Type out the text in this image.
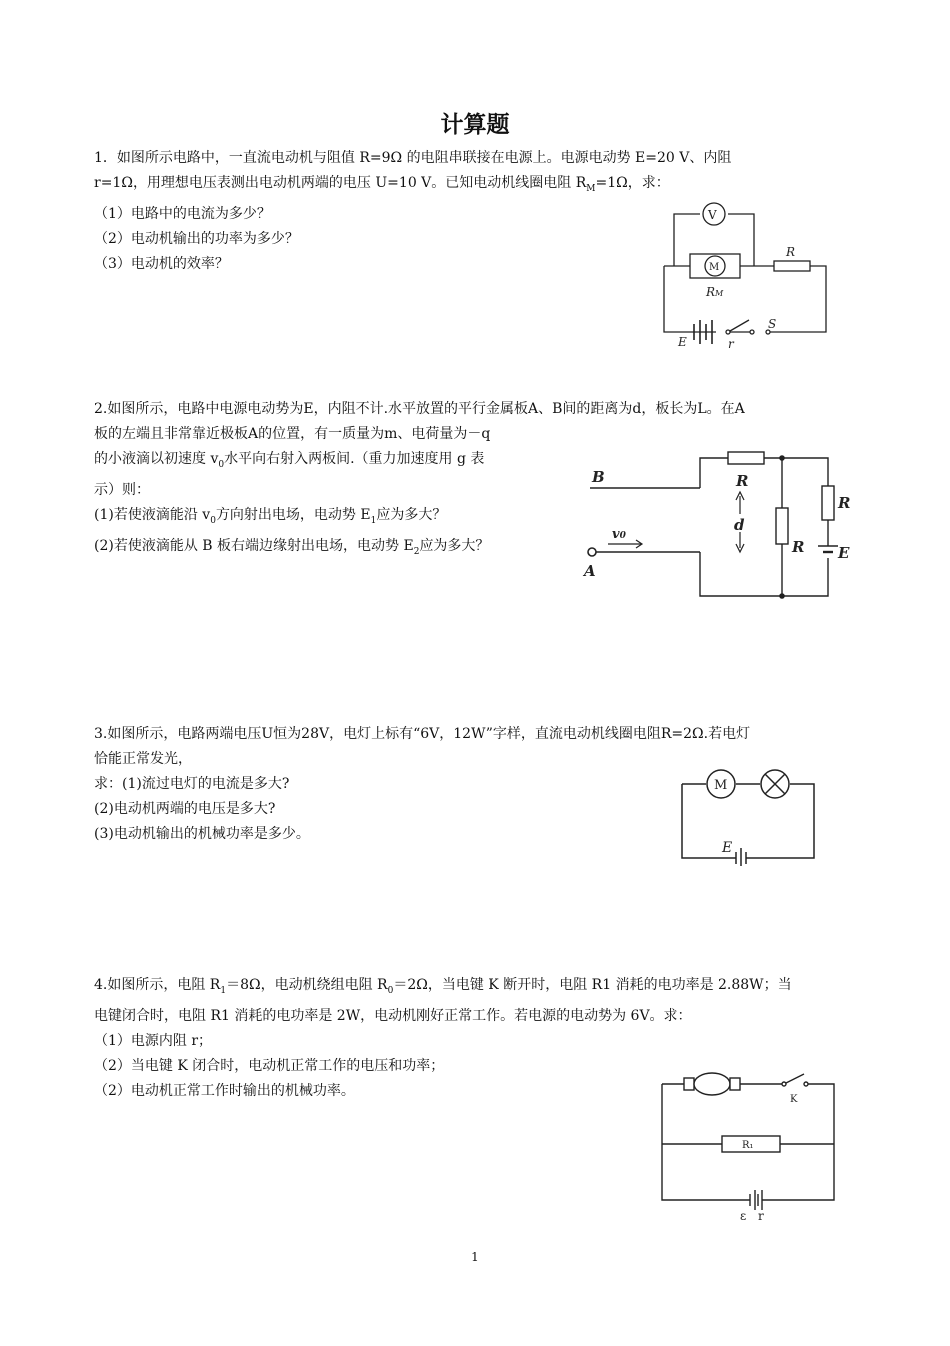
计算题

1．如图所示电路中，一直流电动机与阻值 R=9Ω 的电阻串联接在电源上。电源电动势 E=20 V、内阻

r=1Ω，用理想电压表测出电动机两端的电压 U=10 V。已知电动机线圈电阻 $R_M=1\Omega$，求：

（1）电路中的电流为多少？

（2）电动机输出的功率为多少？

（3）电动机的效率？

V
M
R
RM
E	r
S

2.如图所示，电路中电源电动势为E，内阻不计.水平放置的平行金属板A、B间的距离为d，板长为L。在A

板的左端且非常靠近极板A的位置，有一质量为m、电荷量为－q

的小液滴以初速度 $v_0$水平向右射入两板间.（重力加速度用 g 表

示）则：

(1)若使液滴能沿 $v_0$方向射出电场，电动势 $E_1$应为多大？

(2)若使液滴能从 B 板右端边缘射出电场，电动势 $E_2$应为多大？

B
A
R
d
R
R
E
v0

3.如图所示，电路两端电压U恒为28V，电灯上标有“6V，12W”字样，直流电动机线圈电阻R=2Ω.若电灯

恰能正常发光，

求：(1)流过电灯的电流是多大?

(2)电动机两端的电压是多大?

(3)电动机输出的机械功率是多少。

M
E

4.如图所示，电阻 $R_1=8\Omega$，电动机绕组电阻 $R_0=2\Omega$，当电键 K 断开时，电阻 R1 消耗的电功率是 2.88W；当

电键闭合时，电阻 R1 消耗的电功率是 2W，电动机刚好正常工作。若电源的电动势为 6V。求：

（1）电源内阻 r；

（2）当电键 K 闭合时，电动机正常工作的电压和功率；

（2）电动机正常工作时输出的机械功率。

K
R₁
ε r
1
